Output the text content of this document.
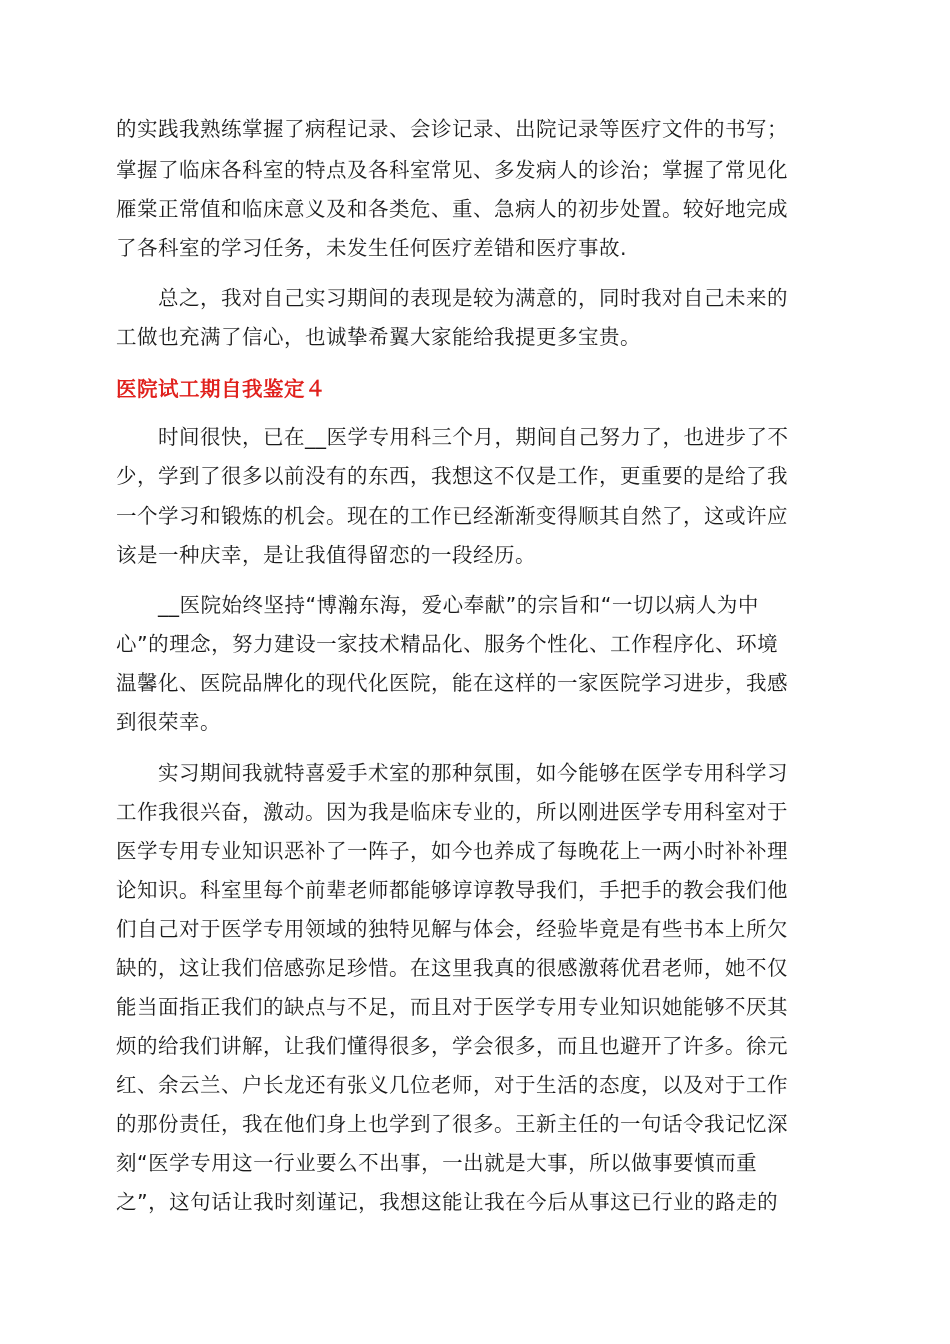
的实践我熟练掌握了病程记录、会诊记录、出院记录等医疗文件的书写；
掌握了临床各科室的特点及各科室常见、多发病人的诊治；掌握了常见化
雁棠正常值和临床意义及和各类危、重、急病人的初步处置。较好地完成
了各科室的学习任务，未发生任何医疗差错和医疗事故.
　　总之，我对自己实习期间的表现是较为满意的，同时我对自己未来的
工做也充满了信心，也诚挚希翼大家能给我提更多宝贵。
医院试工期自我鉴定４
　　时间很快，已在__医学专用科三个月，期间自己努力了，也进步了不
少，学到了很多以前没有的东西，我想这不仅是工作，更重要的是给了我
一个学习和锻炼的机会。现在的工作已经渐渐变得顺其自然了，这或许应
该是一种庆幸，是让我值得留恋的一段经历。
　　__医院始终坚持“博瀚东海，爱心奉献”的宗旨和“一切以病人为中
心”的理念，努力建设一家技术精品化、服务个性化、工作程序化、环境
温馨化、医院品牌化的现代化医院，能在这样的一家医院学习进步，我感
到很荣幸。
　　实习期间我就特喜爱手术室的那种氛围，如今能够在医学专用科学习
工作我很兴奋，激动。因为我是临床专业的，所以刚进医学专用科室对于
医学专用专业知识恶补了一阵子，如今也养成了每晚花上一两小时补补理
论知识。科室里每个前辈老师都能够谆谆教导我们，手把手的教会我们他
们自己对于医学专用领域的独特见解与体会，经验毕竟是有些书本上所欠
缺的，这让我们倍感弥足珍惜。在这里我真的很感激蒋优君老师，她不仅
能当面指正我们的缺点与不足，而且对于医学专用专业知识她能够不厌其
烦的给我们讲解，让我们懂得很多，学会很多，而且也避开了许多。徐元
红、余云兰、户长龙还有张义几位老师，对于生活的态度，以及对于工作
的那份责任，我在他们身上也学到了很多。王新主任的一句话令我记忆深
刻“医学专用这一行业要么不出事，一出就是大事，所以做事要慎而重
之”，这句话让我时刻谨记，我想这能让我在今后从事这已行业的路走的
